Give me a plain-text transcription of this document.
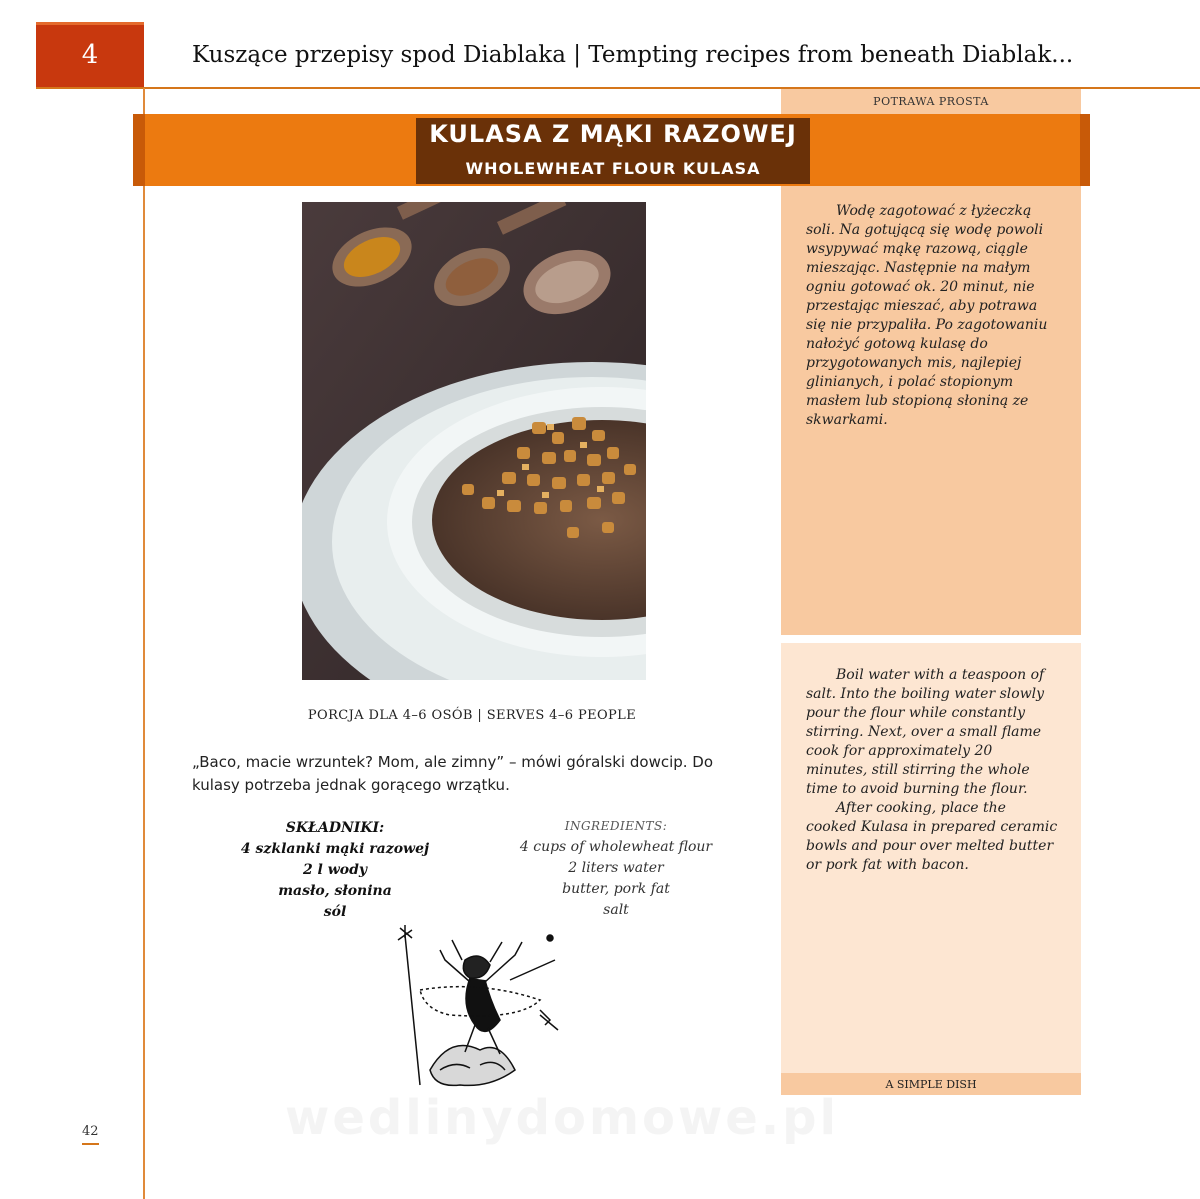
4	Kuszące przepisy spod Diablaka | Tempting recipes from beneath Diablak...
POTRAWA PROSTA
A SIMPLE DISH
KULASA Z MĄKI RAZOWEJ
WHOLEWHEAT FLOUR KULASA
PORCJA DLA 4–6 OSÓB | SERVES 4–6 PEOPLE
„Baco, macie wrzuntek? Mom, ale zimny” – mówi góralski dowcip. Do kulasy potrzeba jednak gorącego wrzątku.
SKŁADNIKI:
4 szklanki mąki razowej
2 l wody
masło, słonina
sól
INGREDIENTS:
4 cups of wholewheat flour
2 liters water
butter, pork fat
salt

Wodę zagotować z łyżeczką soli. Na gotującą się wodę powoli wsypywać mąkę razową, ciągle mieszając. Następnie na małym ogniu gotować ok. 20 minut, nie przestając mieszać, aby potrawa się nie przypaliła. Po zagotowaniu nałożyć gotową kulasę do przygotowanych mis, najlepiej glinianych, i polać stopionym masłem lub stopioną słoniną ze skwarkami.

Boil water with a teaspoon of salt. Into the boiling water slowly pour the flour while constantly stirring. Next, over a small flame cook for approximately 20 minutes, still stirring the whole time to avoid burning the flour.

After cooking, place the cooked Kulasa in prepared ceramic bowls and pour over melted butter or pork fat with bacon.

42	wedlinydomowe.pl
